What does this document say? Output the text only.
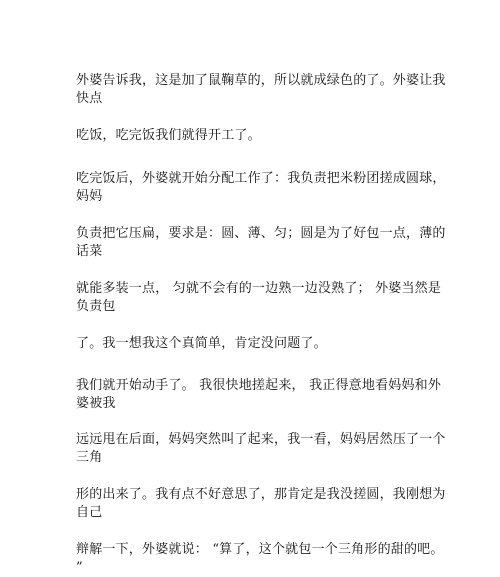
外婆告诉我，这是加了鼠鞠草的，所以就成绿色的了。外婆让我
快点

吃饭，吃完饭我们就得开工了。

吃完饭后，外婆就开始分配工作了：我负责把米粉团搓成圆球，
妈妈

负责把它压扁，要求是：圆、薄、匀；圆是为了好包一点，薄的
话菜

就能多装一点， 匀就不会有的一边熟一边没熟了； 外婆当然是
负责包

了。我一想我这个真简单，肯定没问题了。

我们就开始动手了。 我很快地搓起来， 我正得意地看妈妈和外
婆被我

远远甩在后面，妈妈突然叫了起来，我一看，妈妈居然压了一个
三角

形的出来了。我有点不好意思了，那肯定是我没搓圆，我刚想为
自己

辩解一下，外婆就说： “算了，这个就包一个三角形的甜的吧。
”
